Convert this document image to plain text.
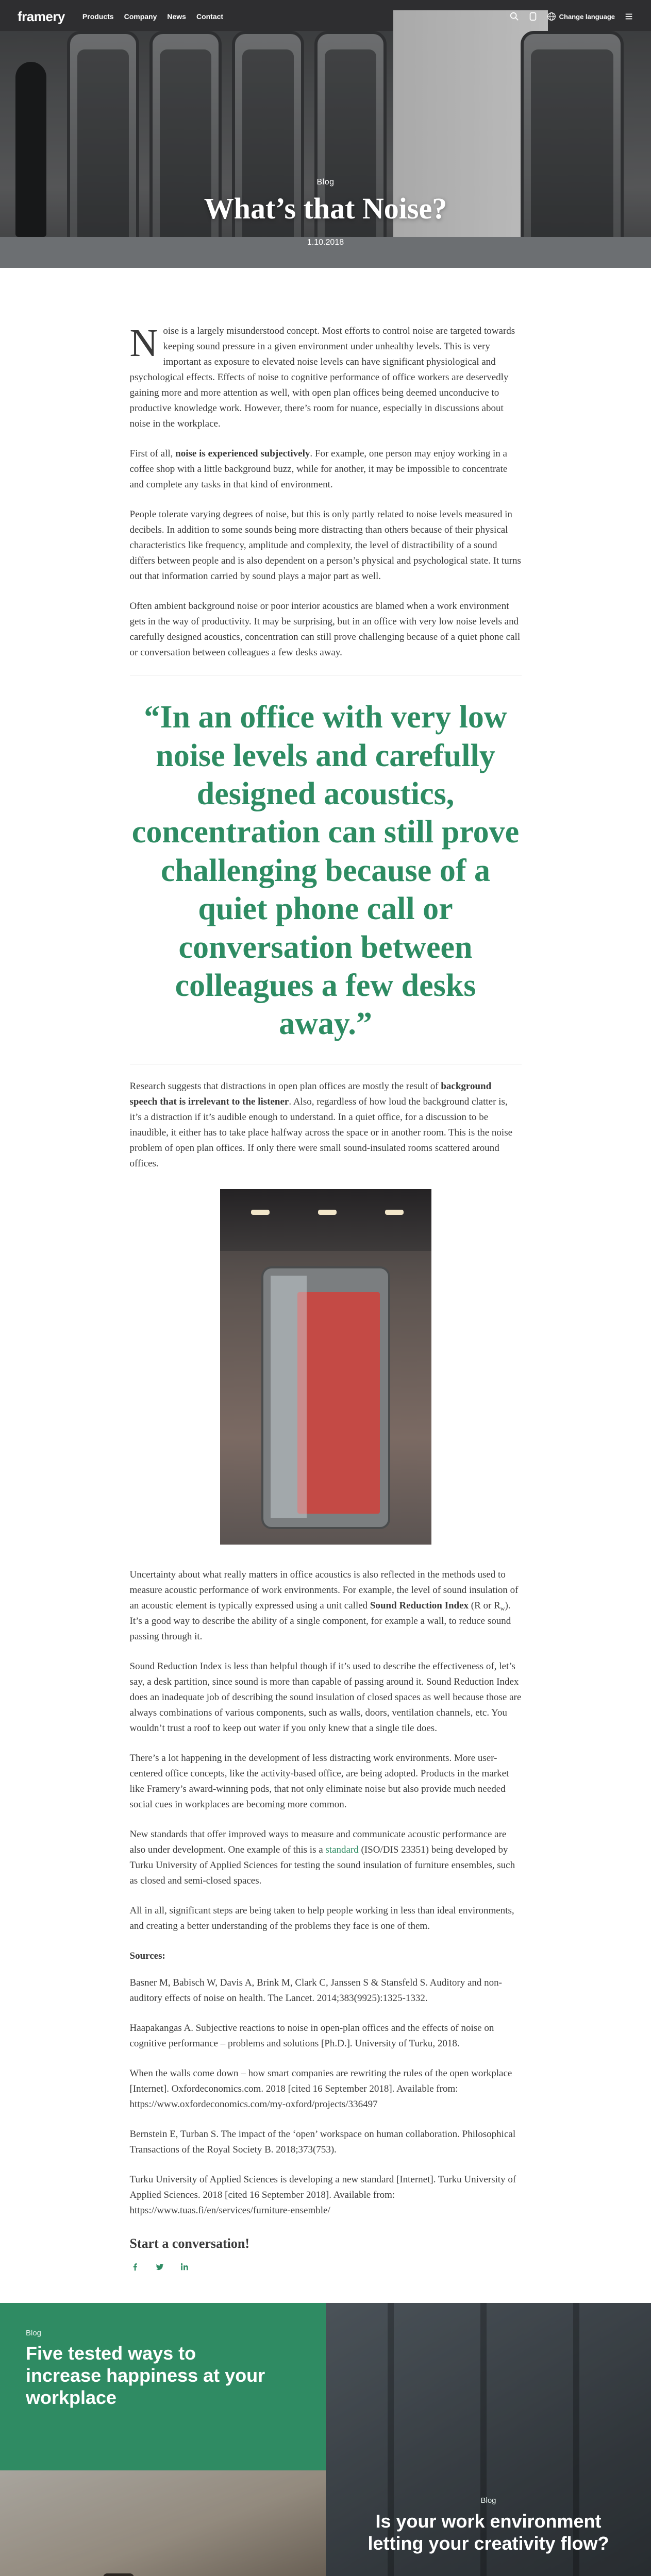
framery Products Company News Contact	Change language
Blog
What’s that Noise?
1.10.2018

Noise is a largely misunderstood concept. Most efforts to control noise are targeted towards keeping sound pressure in a given environment under unhealthy levels. This is very important as exposure to elevated noise levels can have significant physiological and psychological effects. Effects of noise to cognitive performance of office workers are deservedly gaining more and more attention as well, with open plan offices being deemed unconducive to productive knowledge work. However, there’s room for nuance, especially in discussions about noise in the workplace.

First of all, noise is experienced subjectively. For example, one person may enjoy working in a coffee shop with a little background buzz, while for another, it may be impossible to concentrate and complete any tasks in that kind of environment.

People tolerate varying degrees of noise, but this is only partly related to noise levels measured in decibels. In addition to some sounds being more distracting than others because of their physical characteristics like frequency, amplitude and complexity, the level of distractibility of a sound differs between people and is also dependent on a person’s physical and psychological state. It turns out that information carried by sound plays a major part as well.

Often ambient background noise or poor interior acoustics are blamed when a work environment gets in the way of productivity. It may be surprising, but in an office with very low noise levels and carefully designed acoustics, concentration can still prove challenging because of a quiet phone call or conversation between colleagues a few desks away.

“In an office with very low noise levels and carefully designed acoustics, concentration can still prove challenging because of a quiet phone call or conversation between colleagues a few desks away.”

Research suggests that distractions in open plan offices are mostly the result of background speech that is irrelevant to the listener. Also, regardless of how loud the background clatter is, it’s a distraction if it’s audible enough to understand. In a quiet office, for a discussion to be inaudible, it either has to take place halfway across the space or in another room. This is the noise problem of open plan offices. If only there were small sound-insulated rooms scattered around offices.

Uncertainty about what really matters in office acoustics is also reflected in the methods used to measure acoustic performance of work environments. For example, the level of sound insulation of an acoustic element is typically expressed using a unit called Sound Reduction Index (R or $R_w$). It’s a good way to describe the ability of a single component, for example a wall, to reduce sound passing through it.

Sound Reduction Index is less than helpful though if it’s used to describe the effectiveness of, let’s say, a desk partition, since sound is more than capable of passing around it. Sound Reduction Index does an inadequate job of describing the sound insulation of closed spaces as well because those are always combinations of various components, such as walls, doors, ventilation channels, etc. You wouldn’t trust a roof to keep out water if you only knew that a single tile does.

There’s a lot happening in the development of less distracting work environments. More user-centered office concepts, like the activity-based office, are being adopted. Products in the market like Framery’s award-winning pods, that not only eliminate noise but also provide much needed social cues in workplaces are becoming more common.

New standards that offer improved ways to measure and communicate acoustic performance are also under development. One example of this is a standard (ISO/DIS 23351) being developed by Turku University of Applied Sciences for testing the sound insulation of furniture ensembles, such as closed and semi-closed spaces.

All in all, significant steps are being taken to help people working in less than ideal environments, and creating a better understanding of the problems they face is one of them.

Sources:

Basner M, Babisch W, Davis A, Brink M, Clark C, Janssen S & Stansfeld S. Auditory and non-auditory effects of noise on health. The Lancet. 2014;383(9925):1325-1332.

Haapakangas A. Subjective reactions to noise in open-plan offices and the effects of noise on cognitive performance – problems and solutions [Ph.D.]. University of Turku, 2018.

When the walls come down – how smart companies are rewriting the rules of the open workplace [Internet]. Oxfordeconomics.com. 2018 [cited 16 September 2018]. Available from: https://www.oxfordeconomics.com/my-oxford/projects/336497

Bernstein E, Turban S. The impact of the ‘open’ workspace on human collaboration. Philosophical Transactions of the Royal Society B. 2018;373(753).

Turku University of Applied Sciences is developing a new standard [Internet]. Turku University of Applied Sciences. 2018 [cited 16 September 2018]. Available from: https://www.tuas.fi/en/services/furniture-ensemble/

Start a conversation!
Blog
Five tested ways to increase happiness at your workplace
Blog
Is your work environment letting your creativity flow?
